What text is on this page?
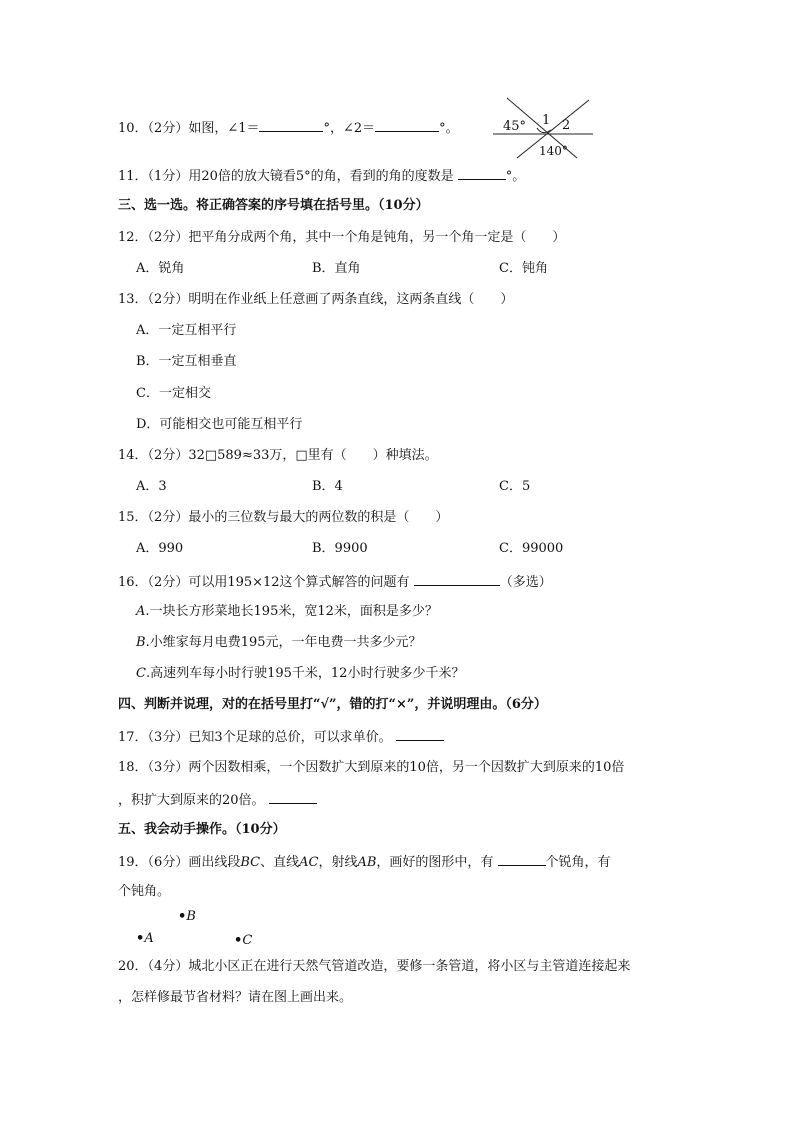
10．（2分）如图，∠1＝	°，∠2＝	°。	45° 1 2
140°
11．（1分）用20倍的放大镜看5°的角，看到的角的度数是	°。
三、选一选。将正确答案的序号填在括号里。（10分）
12．（2分）把平角分成两个角，其中一个角是钝角，另一个角一定是（　　）
A．锐角	B．直角	C．钝角
13．（2分）明明在作业纸上任意画了两条直线，这两条直线（　　）
A．一定互相平行
B．一定互相垂直
C．一定相交
D．可能相交也可能互相平行
14．（2分）32□589≈33万，□里有（　　）种填法。
A．3	B．4	C．5
15．（2分）最小的三位数与最大的两位数的积是（　　）
A．990	B．9900	C．99000
16．（2分）可以用195×12这个算式解答的问题有	（多选）
A.一块长方形菜地长195米，宽12米，面积是多少？
B.小维家每月电费195元，一年电费一共多少元？
C.高速列车每小时行驶195千米，12小时行驶多少千米？
四、判断并说理，对的在括号里打“√”，错的打“×”，并说明理由。（6分）
17．（3分）已知3个足球的总价，可以求单价。
18．（3分）两个因数相乘，一个因数扩大到原来的10倍，另一个因数扩大到原来的10倍
，积扩大到原来的20倍。
五、我会动手操作。（10分）
19．（6分）画出线段BC、直线AC，射线AB，画好的图形中，有	个锐角，有
个钝角。
•B
•A	•C
20．（4分）城北小区正在进行天然气管道改造，要修一条管道，将小区与主管道连接起来
，怎样修最节省材料？请在图上画出来。
